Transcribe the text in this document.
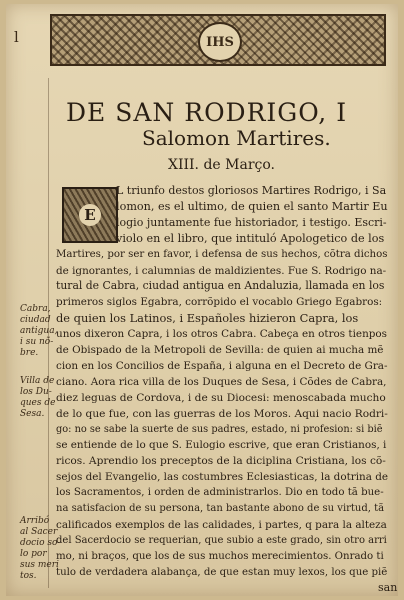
l	IHS
DE SAN RODRIGO, I
Salomon Martires.
XIII. de Março.
E
L triunfo destos gloriosos Martires Rodrigo, i Sa
lomon, es el ultimo, de quien el santo Martir Eu
logio juntamente fue historiador, i testigo. Escri-
violo en el libro, que intituló Apologetico de los
Martires, por ser en favor, i defensa de sus hechos, cõtra dichos
de ignorantes, i calumnias de maldizientes. Fue S. Rodrigo na-
tural de Cabra, ciudad antigua en Andaluzia, llamada en los
primeros siglos Egabra, corrõpido el vocablo Griego Egabros:
de quien los Latinos, i Españoles hizieron Capra, los
unos dixeron Capra, i los otros Cabra. Cabeça en otros tienpos
de Obispado de la Metropoli de Sevilla: de quien ai mucha mẽ
cion en los Concilios de España, i alguna en el Decreto de Gra-
ciano. Aora rica villa de los Duques de Sesa, i Cõdes de Cabra,
diez leguas de Cordova, i de su Diocesi: menoscabada mucho
de lo que fue, con las guerras de los Moros. Aqui nacio Rodri-
go: no se sabe la suerte de sus padres, estado, ni profesion: si biẽ
se entiende de lo que S. Eulogio escrive, que eran Cristianos, i
ricos. Aprendio los preceptos de la diciplina Cristiana, los cõ-
sejos del Evangelio, las costumbres Eclesiasticas, la dotrina de
los Sacramentos, i orden de administrarlos. Dio en todo tã bue-
na satisfacion de su persona, tan bastante abono de su virtud, tã
calificados exemplos de las calidades, i partes, q para la alteza
del Sacerdocio se requerian, que subio a este grado, sin otro arri
mo, ni braços, que los de sus muchos merecimientos. Onrado ti
tulo de verdadera alabança, de que estan muy lexos, los que piẽ
Cabra,
ciudad
antigua,
i su nõ-
bre.
Villa de
los Du-
ques de
Sesa.
Arribó
al Sacer
docio so-
lo por
sus meri
tos.
san
